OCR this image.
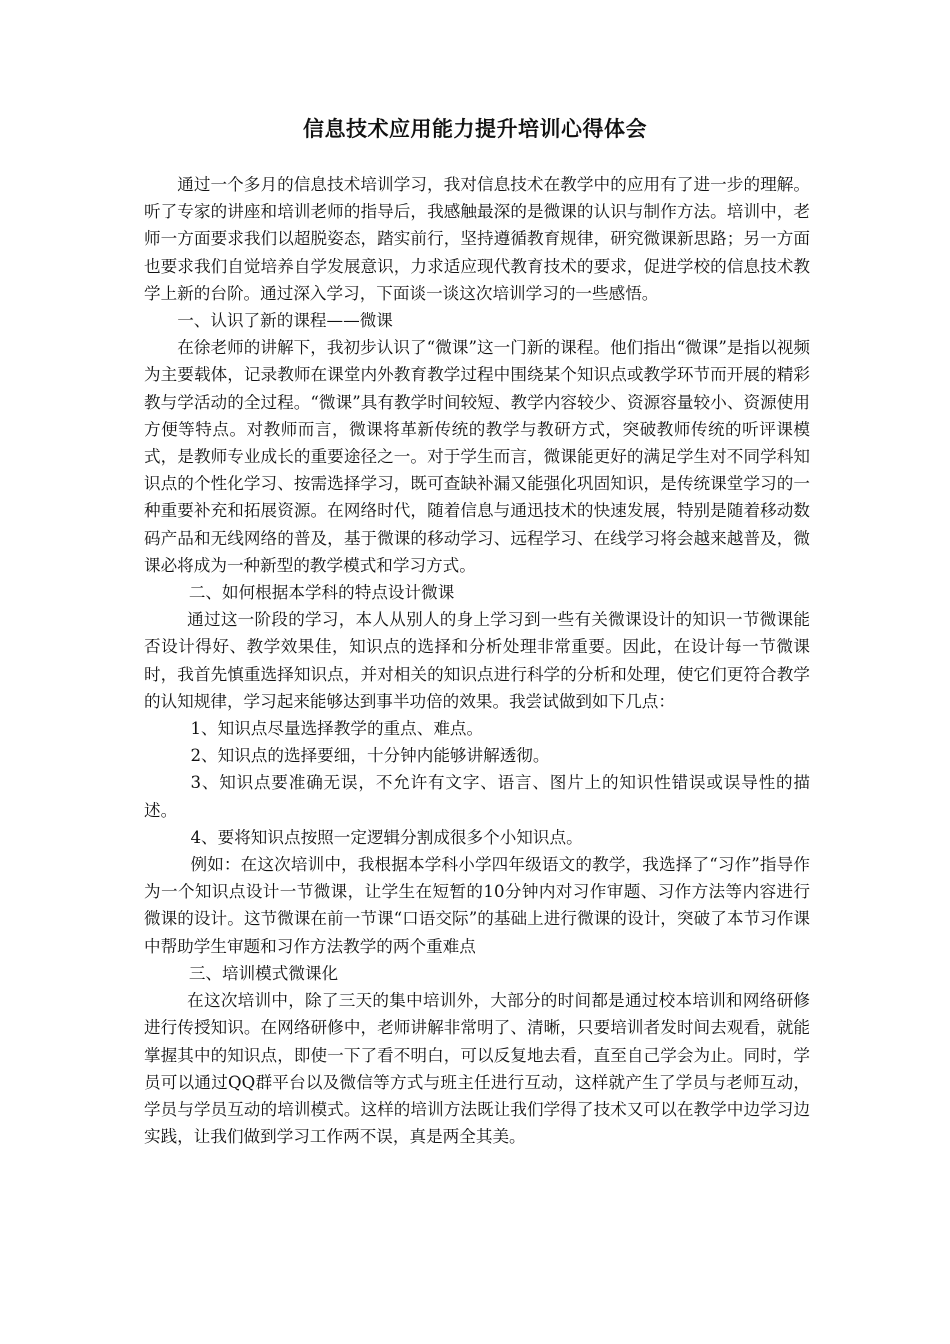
信息技术应用能力提升培训心得体会

通过一个多月的信息技术培训学习，我对信息技术在教学中的应用有了进一步的理解。听了专家的讲座和培训老师的指导后，我感触最深的是微课的认识与制作方法。培训中，老师一方面要求我们以超脱姿态，踏实前行，坚持遵循教育规律，研究微课新思路；另一方面也要求我们自觉培养自学发展意识，力求适应现代教育技术的要求，促进学校的信息技术教学上新的台阶。通过深入学习，下面谈一谈这次培训学习的一些感悟。

一、认识了新的课程——微课

在徐老师的讲解下，我初步认识了“微课”这一门新的课程。他们指出“微课”是指以视频为主要载体，记录教师在课堂内外教育教学过程中围绕某个知识点或教学环节而开展的精彩教与学活动的全过程。“微课”具有教学时间较短、教学内容较少、资源容量较小、资源使用方便等特点。对教师而言，微课将革新传统的教学与教研方式，突破教师传统的听评课模式，是教师专业成长的重要途径之一。对于学生而言，微课能更好的满足学生对不同学科知识点的个性化学习、按需选择学习，既可查缺补漏又能强化巩固知识，是传统课堂学习的一种重要补充和拓展资源。在网络时代，随着信息与通迅技术的快速发展，特别是随着移动数码产品和无线网络的普及，基于微课的移动学习、远程学习、在线学习将会越来越普及，微课必将成为一种新型的教学模式和学习方式。

二、如何根据本学科的特点设计微课

通过这一阶段的学习，本人从别人的身上学习到一些有关微课设计的知识一节微课能否设计得好、教学效果佳，知识点的选择和分析处理非常重要。因此，在设计每一节微课时，我首先慎重选择知识点，并对相关的知识点进行科学的分析和处理，使它们更符合教学的认知规律，学习起来能够达到事半功倍的效果。我尝试做到如下几点：

1、知识点尽量选择教学的重点、难点。

2、知识点的选择要细，十分钟内能够讲解透彻。

3、知识点要准确无误，不允许有文字、语言、图片上的知识性错误或误导性的描述。

4、要将知识点按照一定逻辑分割成很多个小知识点。

例如：在这次培训中，我根据本学科小学四年级语文的教学，我选择了“习作”指导作为一个知识点设计一节微课，让学生在短暂的10分钟内对习作审题、习作方法等内容进行微课的设计。这节微课在前一节课“口语交际”的基础上进行微课的设计，突破了本节习作课中帮助学生审题和习作方法教学的两个重难点

三、培训模式微课化

在这次培训中，除了三天的集中培训外，大部分的时间都是通过校本培训和网络研修进行传授知识。在网络研修中，老师讲解非常明了、清晰，只要培训者发时间去观看，就能掌握其中的知识点，即使一下了看不明白，可以反复地去看，直至自己学会为止。同时，学员可以通过QQ群平台以及微信等方式与班主任进行互动，这样就产生了学员与老师互动，学员与学员互动的培训模式。这样的培训方法既让我们学得了技术又可以在教学中边学习边实践，让我们做到学习工作两不误，真是两全其美。
